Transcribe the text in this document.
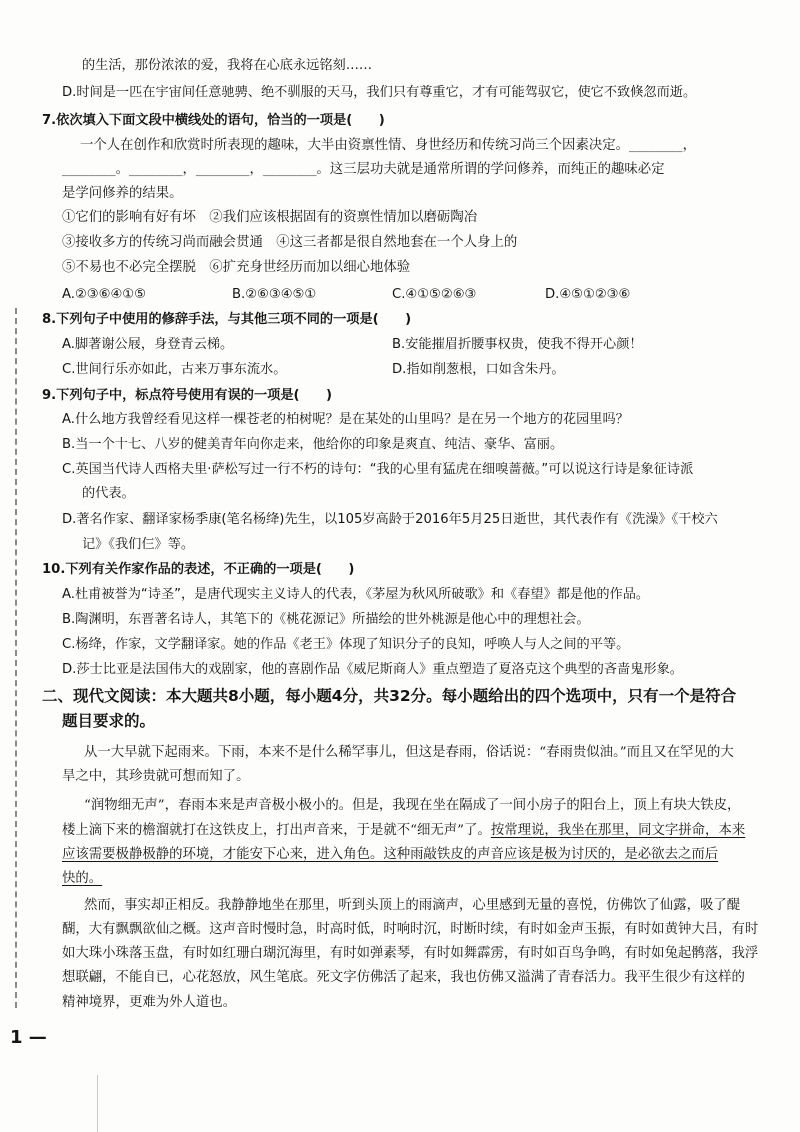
的生活，那份浓浓的爱，我将在心底永远铭刻……

D.时间是一匹在宇宙间任意驰骋、绝不驯服的天马，我们只有尊重它，才有可能驾驭它，使它不致倏忽而逝。

7.依次填入下面文段中横线处的语句，恰当的一项是(　　)

一个人在创作和欣赏时所表现的趣味，大半由资禀性情、身世经历和传统习尚三个因素决定。________，

________。________，________，________。这三层功夫就是通常所谓的学问修养，而纯正的趣味必定

是学问修养的结果。

①它们的影响有好有坏　②我们应该根据固有的资禀性情加以磨砺陶冶

③接收多方的传统习尚而融会贯通　④这三者都是很自然地套在一个人身上的

⑤不易也不必完全摆脱　⑥扩充身世经历而加以细心地体验

A.②③⑥④①⑤	B.②⑥③④⑤①	C.④①⑤②⑥③	D.④⑤①②③⑥

8.下列句子中使用的修辞手法，与其他三项不同的一项是(　　)

A.脚著谢公屐，身登青云梯。	B.安能摧眉折腰事权贵，使我不得开心颜！

C.世间行乐亦如此，古来万事东流水。	D.指如削葱根，口如含朱丹。

9.下列句子中，标点符号使用有误的一项是(　　)

A.什么地方我曾经看见这样一棵苍老的柏树呢？是在某处的山里吗？是在另一个地方的花园里吗？

B.当一个十七、八岁的健美青年向你走来，他给你的印象是爽直、纯洁、豪华、富丽。

C.英国当代诗人西格夫里·萨松写过一行不朽的诗句：“我的心里有猛虎在细嗅蔷薇。”可以说这行诗是象征诗派

的代表。

D.著名作家、翻译家杨季康(笔名杨绛)先生，以105岁高龄于2016年5月25日逝世，其代表作有《洗澡》《干校六

记》《我们仨》等。

10.下列有关作家作品的表述，不正确的一项是(　　)

A.杜甫被誉为“诗圣”，是唐代现实主义诗人的代表，《茅屋为秋风所破歌》和《春望》都是他的作品。

B.陶渊明，东晋著名诗人，其笔下的《桃花源记》所描绘的世外桃源是他心中的理想社会。

C.杨绛，作家，文学翻译家。她的作品《老王》体现了知识分子的良知，呼唤人与人之间的平等。

D.莎士比亚是法国伟大的戏剧家，他的喜剧作品《威尼斯商人》重点塑造了夏洛克这个典型的吝啬鬼形象。

二、现代文阅读：本大题共8小题，每小题4分，共32分。每小题给出的四个选项中，只有一个是符合

题目要求的。

从一大早就下起雨来。下雨，本来不是什么稀罕事儿，但这是春雨，俗话说：“春雨贵似油。”而且又在罕见的大

旱之中，其珍贵就可想而知了。

“润物细无声”，春雨本来是声音极小极小的。但是，我现在坐在隔成了一间小房子的阳台上，顶上有块大铁皮，

楼上滴下来的檐溜就打在这铁皮上，打出声音来，于是就不“细无声”了。按常理说，我坐在那里，同文字拼命，本来

应该需要极静极静的环境，才能安下心来，进入角色。这种雨敲铁皮的声音应该是极为讨厌的，是必欲去之而后

快的。

然而，事实却正相反。我静静地坐在那里，听到头顶上的雨滴声，心里感到无量的喜悦，仿佛饮了仙露，吸了醍

醐，大有飘飘欲仙之概。这声音时慢时急，时高时低，时响时沉，时断时续，有时如金声玉振，有时如黄钟大吕，有时

如大珠小珠落玉盘，有时如红珊白瑚沉海里，有时如弹素琴，有时如舞霹雳，有时如百鸟争鸣，有时如兔起鹘落，我浮

想联翩，不能自已，心花怒放，风生笔底。死文字仿佛活了起来，我也仿佛又溢满了青春活力。我平生很少有这样的

精神境界，更难为外人道也。

1 —
